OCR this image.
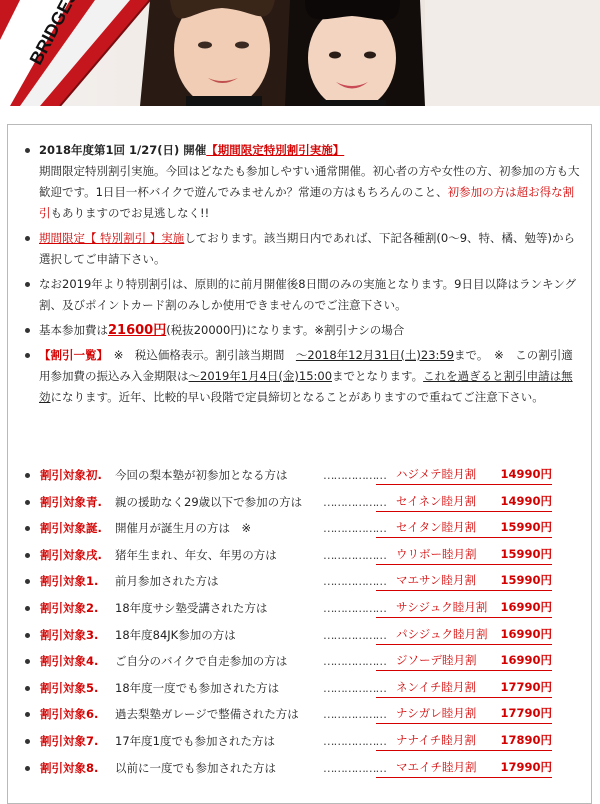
2018年度第1回 1/27(日) 開催【期間限定特別割引実施】
期間限定特別割引実施。今回はどなたも参加しやすい通常開催。初心者の方や女性の方、初参加の方も大歓迎です。1日目一杯バイクで遊んでみませんか？常連の方はもちろんのこと、初参加の方は超お得な割引もありますのでお見逃しなく!!
期間限定【 特別割引 】実施しております。該当期日内であれば、下記各種割(0～9、特、橘、勉等)から選択してご申請下さい。
なお2019年より特別割引は、原則的に前月開催後8日間のみの実施となります。9日目以降はランキング割、及びポイントカード割のみしか使用できませんのでご注意下さい。
基本参加費は21600円(税抜20000円)になります。※割引ナシの場合
【割引一覧】　※　税込価格表示。割引該当期間　～2018年12月31日(土)23:59まで。　※　この割引適用参加費の振込み入金期限は～2019年1月4日(金)15:00までとなります。これを過ぎると割引申請は無効になります。近年、比較的早い段階で定員締切となることがありますので重ねてご注意下さい。
割引対象初. 今回の梨本塾が初参加となる方は	……………… ハジメテ睦月割 14990円
割引対象青. 親の援助なく29歳以下で参加の方は ……………… セイネン睦月割 14990円
割引対象誕. 開催月が誕生月の方は　※	……………… セイタン睦月割 15990円
割引対象戌. 猪年生まれ、年女、年男の方は	……………… ウリボー睦月割 15990円
割引対象1. 前月参加された方は	……………… マエサン睦月割 15990円
割引対象2. 18年度サシ塾受講された方は	……………… サシジュク睦月割 16990円
割引対象3. 18年度84JK参加の方は	……………… パシジュク睦月割 16990円
割引対象4. ご自分のバイクで自走参加の方は	……………… ジソーデ睦月割 16990円
割引対象5. 18年度一度でも参加された方は	……………… ネンイチ睦月割 17790円
割引対象6. 過去梨塾ガレージで整備された方は ……………… ナシガレ睦月割 17790円
割引対象7. 17年度1度でも参加された方は	……………… ナナイチ睦月割 17890円
割引対象8. 以前に一度でも参加された方は	……………… マエイチ睦月割 17990円
